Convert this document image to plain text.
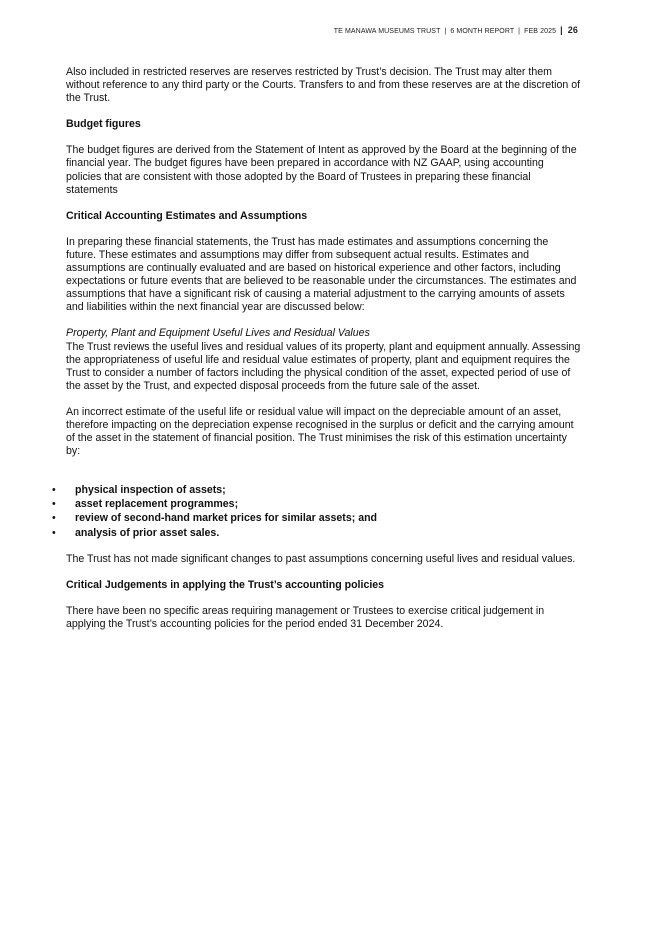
TE MANAWA MUSEUMS TRUST | 6 MONTH REPORT | FEB 2025 | 26

Also included in restricted reserves are reserves restricted by Trust’s decision. The Trust may alter them without reference to any third party or the Courts. Transfers to and from these reserves are at the discretion of the Trust.

Budget figures

The budget figures are derived from the Statement of Intent as approved by the Board at the beginning of the financial year. The budget figures have been prepared in accordance with NZ GAAP, using accounting policies that are consistent with those adopted by the Board of Trustees in preparing these financial statements

Critical Accounting Estimates and Assumptions

In preparing these financial statements, the Trust has made estimates and assumptions concerning the future. These estimates and assumptions may differ from subsequent actual results. Estimates and assumptions are continually evaluated and are based on historical experience and other factors, including expectations or future events that are believed to be reasonable under the circumstances. The estimates and assumptions that have a significant risk of causing a material adjustment to the carrying amounts of assets and liabilities within the next financial year are discussed below:

Property, Plant and Equipment Useful Lives and Residual Values

The Trust reviews the useful lives and residual values of its property, plant and equipment annually. Assessing the appropriateness of useful life and residual value estimates of property, plant and equipment requires the Trust to consider a number of factors including the physical condition of the asset, expected period of use of the asset by the Trust, and expected disposal proceeds from the future sale of the asset.

An incorrect estimate of the useful life or residual value will impact on the depreciable amount of an asset, therefore impacting on the depreciation expense recognised in the surplus or deficit and the carrying amount of the asset in the statement of financial position. The Trust minimises the risk of this estimation uncertainty by:

• physical inspection of assets;
• asset replacement programmes;
• review of second-hand market prices for similar assets; and
• analysis of prior asset sales.

The Trust has not made significant changes to past assumptions concerning useful lives and residual values.

Critical Judgements in applying the Trust’s accounting policies

There have been no specific areas requiring management or Trustees to exercise critical judgement in applying the Trust’s accounting policies for the period ended 31 December 2024.
